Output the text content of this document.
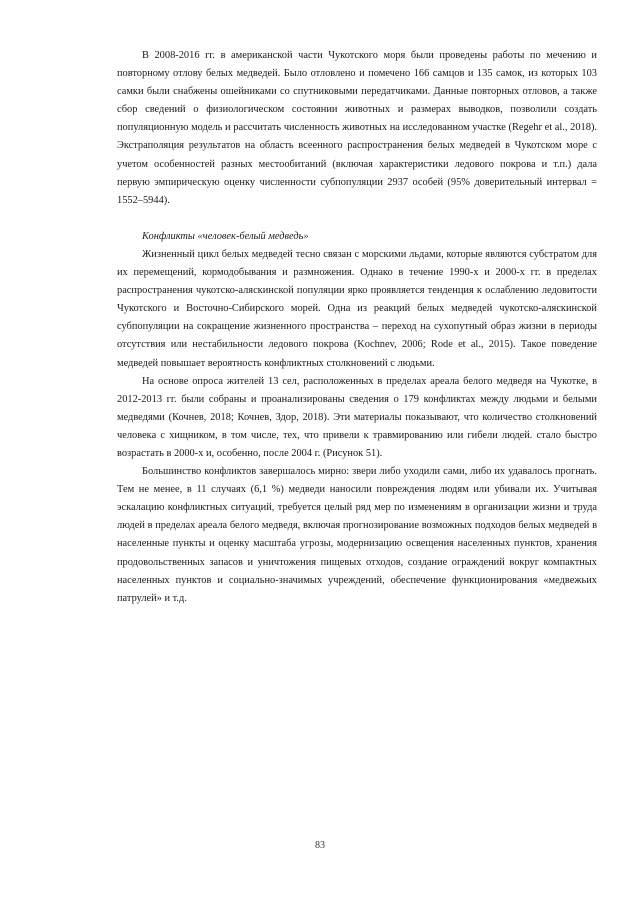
В 2008-2016 гг. в американской части Чукотского моря были проведены работы по мечению и повторному отлову белых медведей. Было отловлено и помечено 166 самцов и 135 самок, из которых 103 самки были снабжены ошейниками со спутниковыми передатчиками. Данные повторных отловов, а также сбор сведений о физиологическом состоянии животных и размерах выводков, позволили создать популяционную модель и рассчитать численность животных на исследованном участке (Regehr et al., 2018). Экстраполяция результатов на область всеенного распространения белых медведей в Чукотском море с учетом особенностей разных местообитаний (включая характеристики ледового покрова и т.п.) дала первую эмпирическую оценку численности субпопуляции 2937 особей (95% доверительный интервал = 1552–5944).

Конфликты «человек-белый медведь»

Жизненный цикл белых медведей тесно связан с морскими льдами, которые являются субстратом для их перемещений, кормодобывания и размножения. Однако в течение 1990-х и 2000-х гг. в пределах распространения чукотско-аляскинской популяции ярко проявляется тенденция к ослаблению ледовитости Чукотского и Восточно-Сибирского морей. Одна из реакций белых медведей чукотско-аляскинской субпопуляции на сокращение жизненного пространства – переход на сухопутный образ жизни в периоды отсутствия или нестабильности ледового покрова (Kochnev, 2006; Rode et al., 2015). Такое поведение медведей повышает вероятность конфликтных столкновений с людьми.

На основе опроса жителей 13 сел, расположенных в пределах ареала белого медведя на Чукотке, в 2012-2013 гг. были собраны и проанализированы сведения о 179 конфликтах между людьми и белыми медведями (Кочнев, 2018; Кочнев, Здор, 2018). Эти материалы показывают, что количество столкновений человека с хищником, в том числе, тех, что привели к травмированию или гибели людей. стало быстро возрастать в 2000-х и, особенно, после 2004 г. (Рисунок 51).

Большинство конфликтов завершалось мирно: звери либо уходили сами, либо их удавалось прогнать. Тем не менее, в 11 случаях (6,1 %) медведи наносили повреждения людям или убивали их. Учитывая эскалацию конфликтных ситуаций, требуется целый ряд мер по изменениям в организации жизни и труда людей в пределах ареала белого медведя, включая прогнозирование возможных подходов белых медведей в населенные пункты и оценку масштаба угрозы, модернизацию освещения населенных пунктов, хранения продовольственных запасов и уничтожения пищевых отходов, создание ограждений вокруг компактных населенных пунктов и социально-значимых учреждений, обеспечение функционирования «медвежьих патрулей» и т.д.

83
